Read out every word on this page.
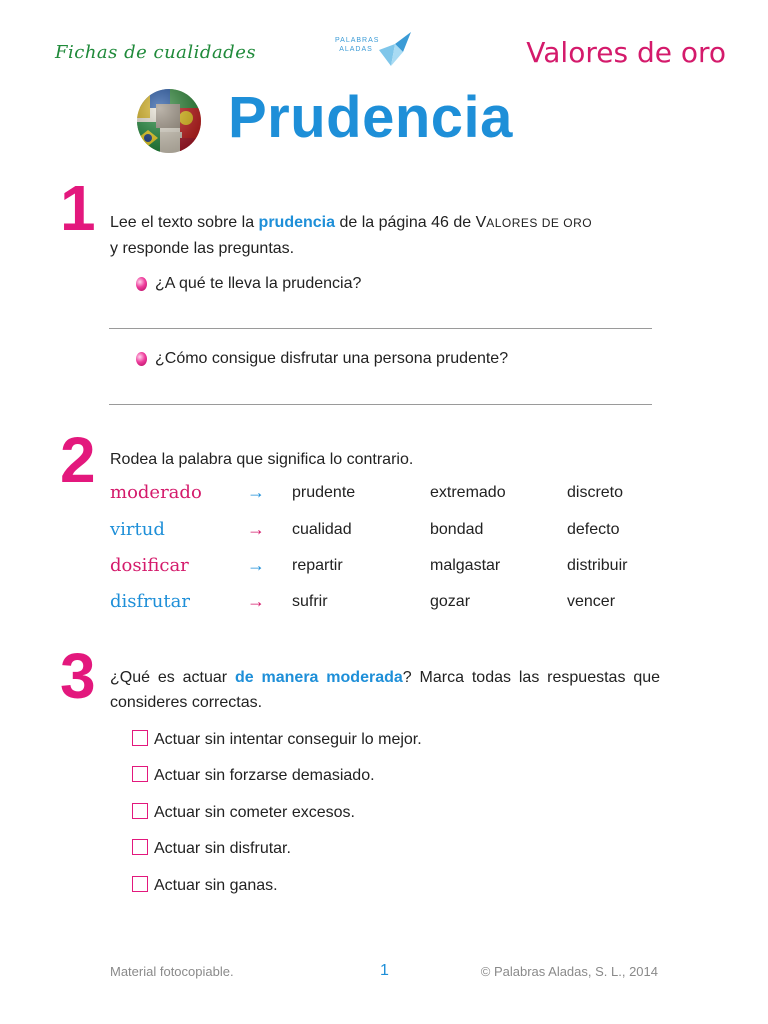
Fichas de cualidades
PALABRAS
ALADAS	Valores de oro
Prudencia
1 Lee el texto sobre la prudencia de la página 46 de VALORES DE ORO
y responde las preguntas.
¿A qué te lleva la prudencia?
¿Cómo consigue disfrutar una persona prudente?
2 Rodea la palabra que significa lo contrario.
moderado	→ prudente	extremado	discreto
virtud	→ cualidad	bondad	defecto
dosificar	→ repartir	malgastar	distribuir
disfrutar	→ sufrir	gozar	vencer
3 ¿Qué es actuar de manera moderada? Marca todas las respuestas que consideres correctas.
Actuar sin intentar conseguir lo mejor.
Actuar sin forzarse demasiado.
Actuar sin cometer excesos.
Actuar sin disfrutar.
Actuar sin ganas.
Material fotocopiable.	1	© Palabras Aladas, S. L., 2014
